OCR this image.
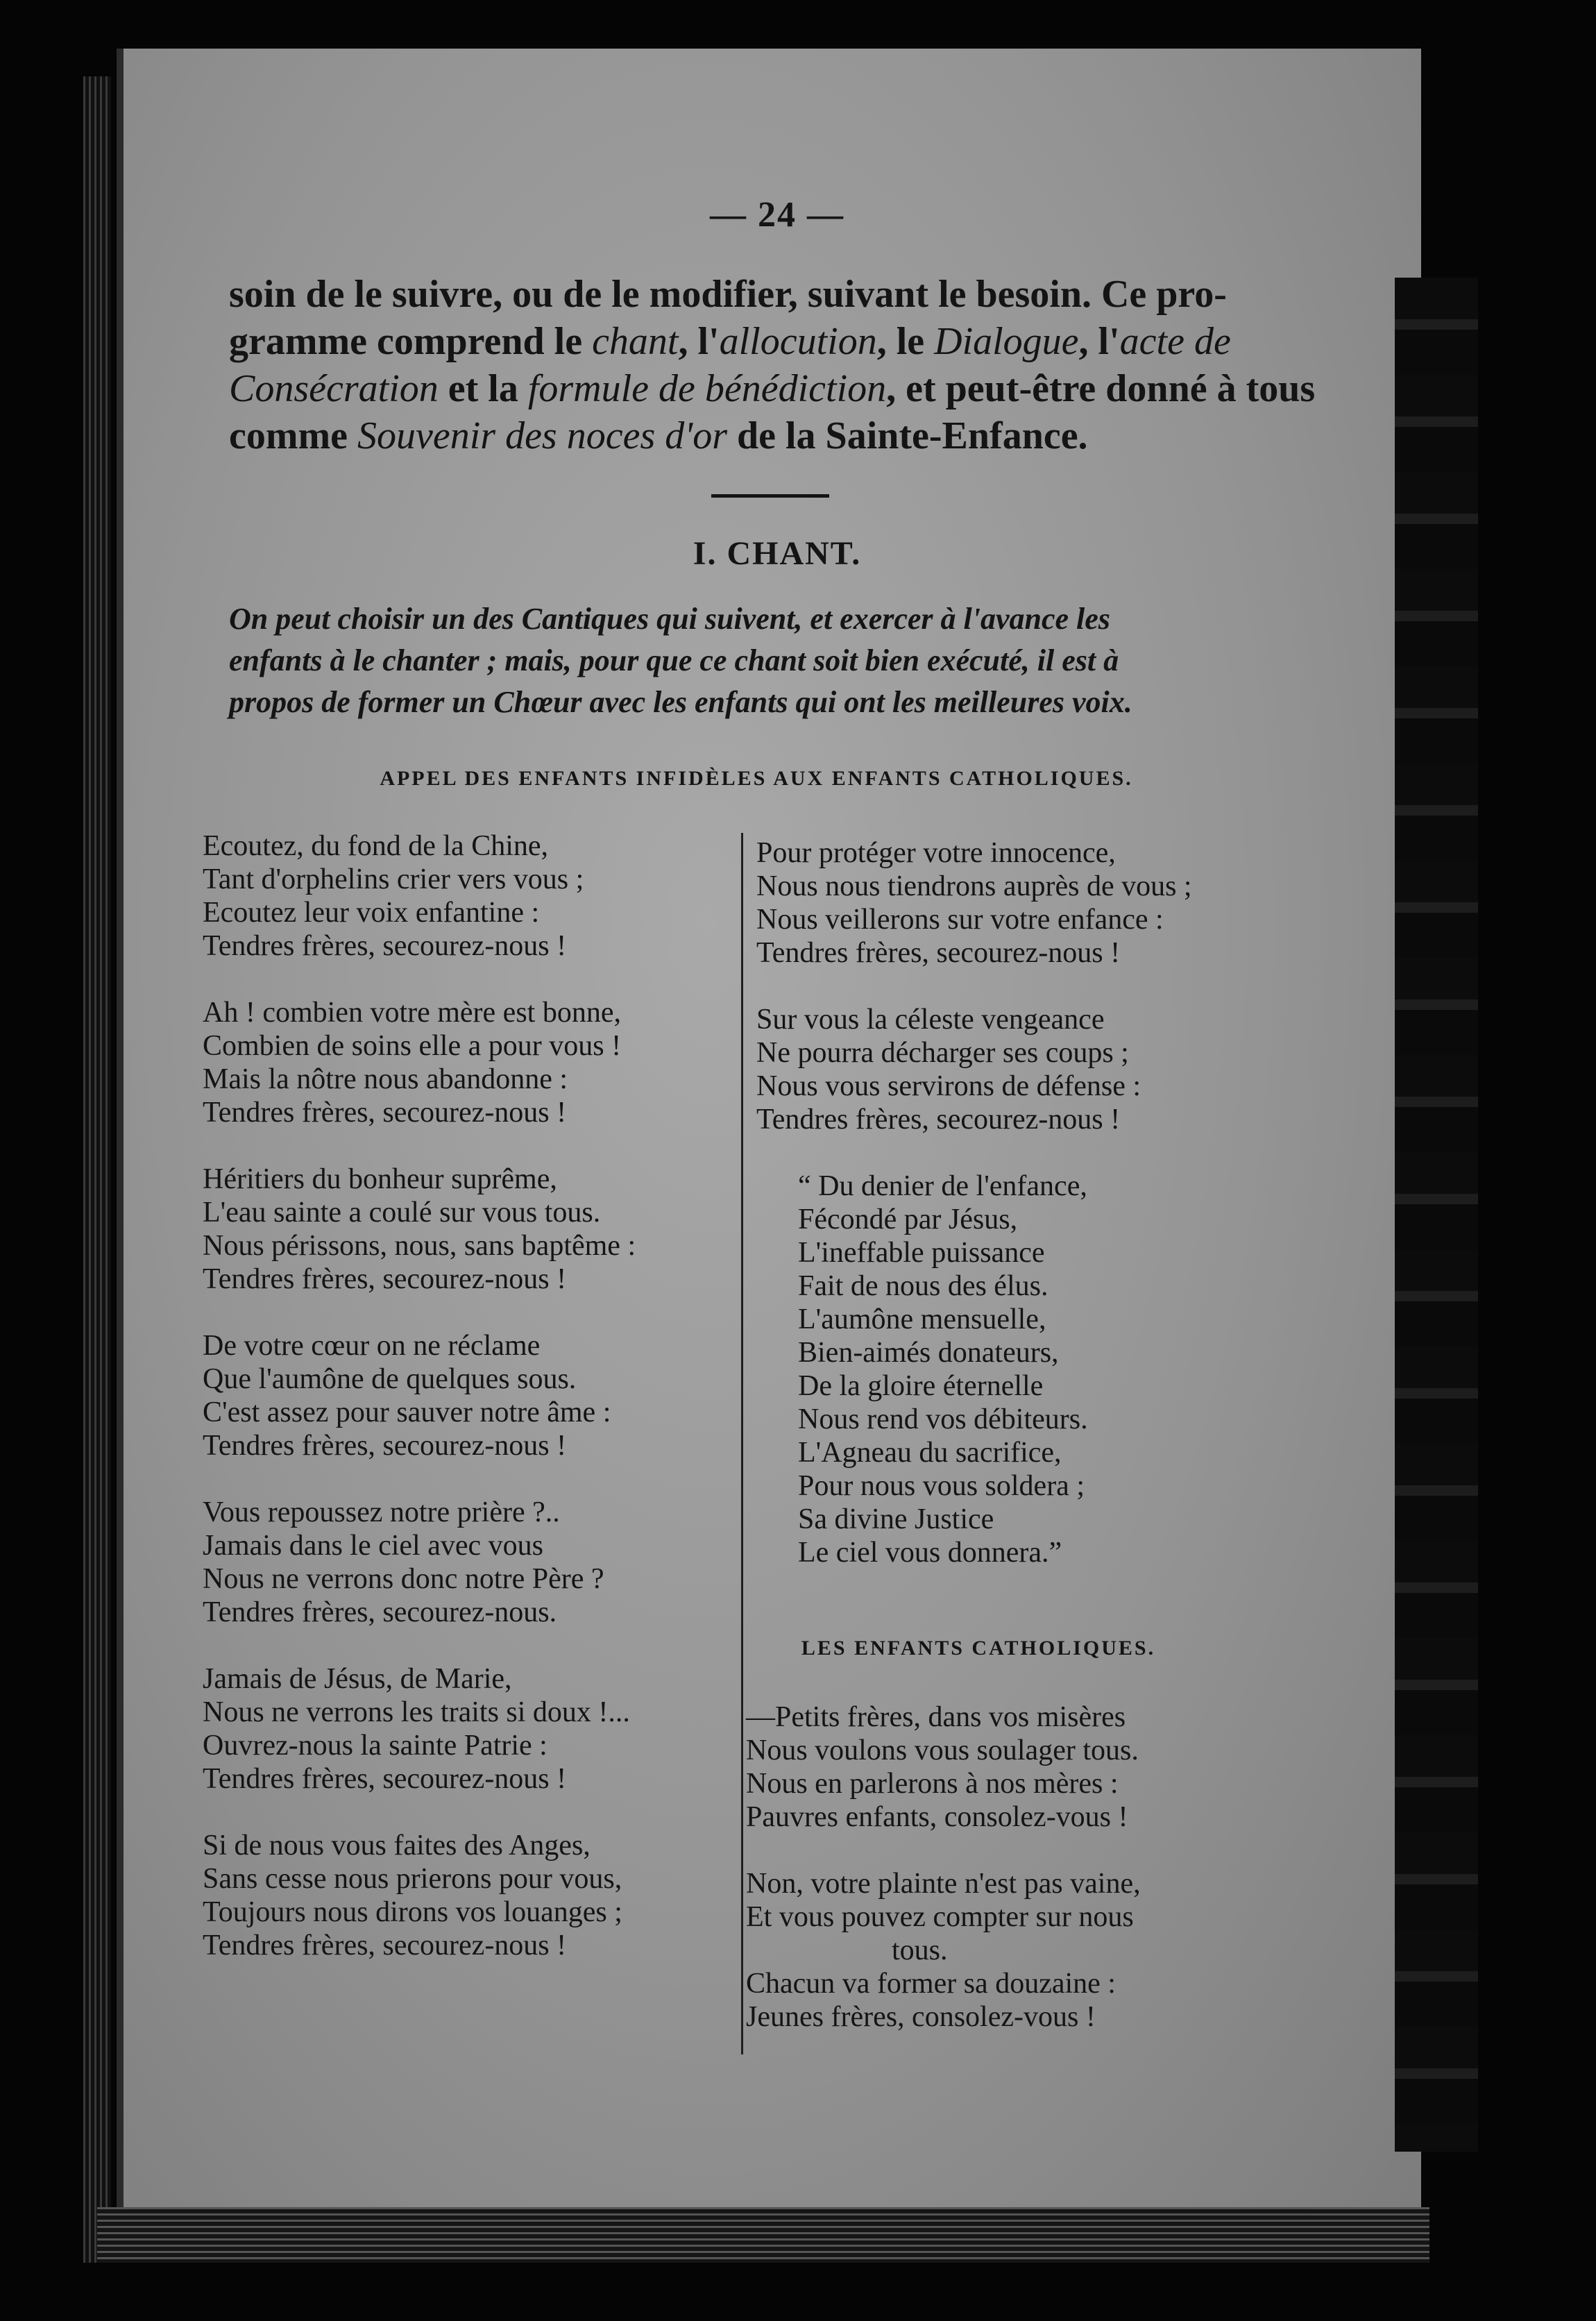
— 24 —

soin de le suivre, ou de le modifier, suivant le besoin. Ce pro-
gramme comprend le chant, l'allocution, le Dialogue, l'acte de
Consécration et la formule de bénédiction, et peut-être donné à tous
comme Souvenir des noces d'or de la Sainte-Enfance.

I. CHANT.

On peut choisir un des Cantiques qui suivent, et exercer à l'avance les
enfants à le chanter ; mais, pour que ce chant soit bien exécuté, il est à
propos de former un Chœur avec les enfants qui ont les meilleures voix.

APPEL DES ENFANTS INFIDÈLES AUX ENFANTS CATHOLIQUES.
Ecoutez, du fond de la Chine,
Tant d'orphelins crier vers vous ;
Ecoutez leur voix enfantine :
Tendres frères, secourez-nous !
Ah ! combien votre mère est bonne,
Combien de soins elle a pour vous !
Mais la nôtre nous abandonne :
Tendres frères, secourez-nous !
Héritiers du bonheur suprême,
L'eau sainte a coulé sur vous tous.
Nous périssons, nous, sans baptême :
Tendres frères, secourez-nous !
De votre cœur on ne réclame
Que l'aumône de quelques sous.
C'est assez pour sauver notre âme :
Tendres frères, secourez-nous !
Vous repoussez notre prière ?..
Jamais dans le ciel avec vous
Nous ne verrons donc notre Père ?
Tendres frères, secourez-nous.
Jamais de Jésus, de Marie,
Nous ne verrons les traits si doux !...
Ouvrez-nous la sainte Patrie :
Tendres frères, secourez-nous !
Si de nous vous faites des Anges,
Sans cesse nous prierons pour vous,
Toujours nous dirons vos louanges ;
Tendres frères, secourez-nous !
Pour protéger votre innocence,
Nous nous tiendrons auprès de vous ;
Nous veillerons sur votre enfance :
Tendres frères, secourez-nous !
Sur vous la céleste vengeance
Ne pourra décharger ses coups ;
Nous vous servirons de défense :
Tendres frères, secourez-nous !
“ Du denier de l'enfance,
Fécondé par Jésus,
L'ineffable puissance
Fait de nous des élus.
L'aumône mensuelle,
Bien-aimés donateurs,
De la gloire éternelle
Nous rend vos débiteurs.
L'Agneau du sacrifice,
Pour nous vous soldera ;
Sa divine Justice
Le ciel vous donnera.”
LES ENFANTS CATHOLIQUES.
—Petits frères, dans vos misères
Nous voulons vous soulager tous.
Nous en parlerons à nos mères :
Pauvres enfants, consolez-vous !
Non, votre plainte n'est pas vaine,
Et vous pouvez compter sur nous
tous.
Chacun va former sa douzaine :
Jeunes frères, consolez-vous !
